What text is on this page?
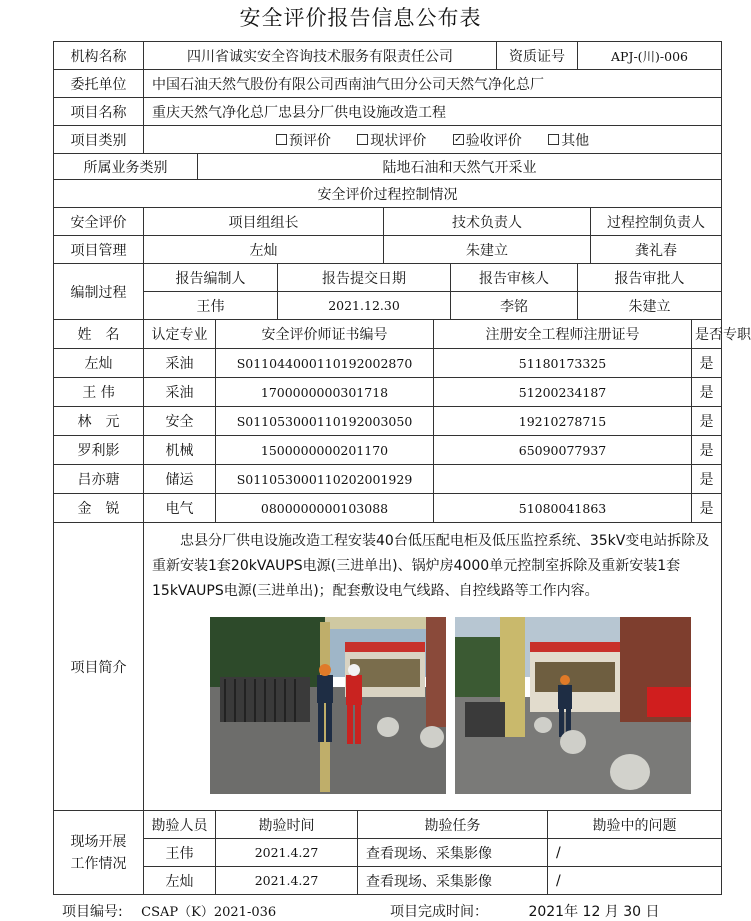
安全评价报告信息公布表
机构名称	四川省诚实安全咨询技术服务有限责任公司								资质证号		APJ-(川)-006		
委托单位	中国石油天然气股份有限公司西南油气田分公司天然气净化总厂												
项目名称	重庆天然气净化总厂忠县分厂供电设施改造工程												
项目类别	预评价 现状评价 ✓ 验收评价 其他												
所属业务类别		陆地石油和天然气开采业											
安全评价过程控制情况													
安全评价	项目组组长					技术负责人						过程控制负责人	
项目管理	左灿					朱建立						龚礼春	
编制过程	报告编制人			报告提交日期				报告审核人			报告审批人		
	王伟			2021.12.30				李铭			朱建立		
姓　名	认定专业		安全评价师证书编号				注册安全工程师注册证号						是否专职
左灿	采油		S011044000110192002870				51180173325						是
王 伟	采油		1700000000301718				51200234187						是
林　元	安全		S011053000110192003050				19210278715						是
罗利影	机械		1500000000201170				65090077937						是
吕亦瑭	储运		S011053000110202001929										是
金　锐	电气		0800000000103088				51080041863						是
项目简介	忠县分厂供电设施改造工程安装40台低压配电柜及低压监控系统、35kV变电站拆除及重新安装1套20kVAUPS电源(三进单出)、锅炉房4000单元控制室拆除及重新安装1套15kVAUPS电源(三进单出)；配套敷设电气线路、自控线路等工作内容。												

现场开展
工作情况	勘验人员		勘验时间		勘验任务					勘验中的问题			
	王伟		2021.4.27		查看现场、采集影像					/			
	左灿		2021.4.27		查看现场、采集影像					/			
项目编号: CSAP（K）2021-036	项目完成时间：	2021年 12 月 30 日
